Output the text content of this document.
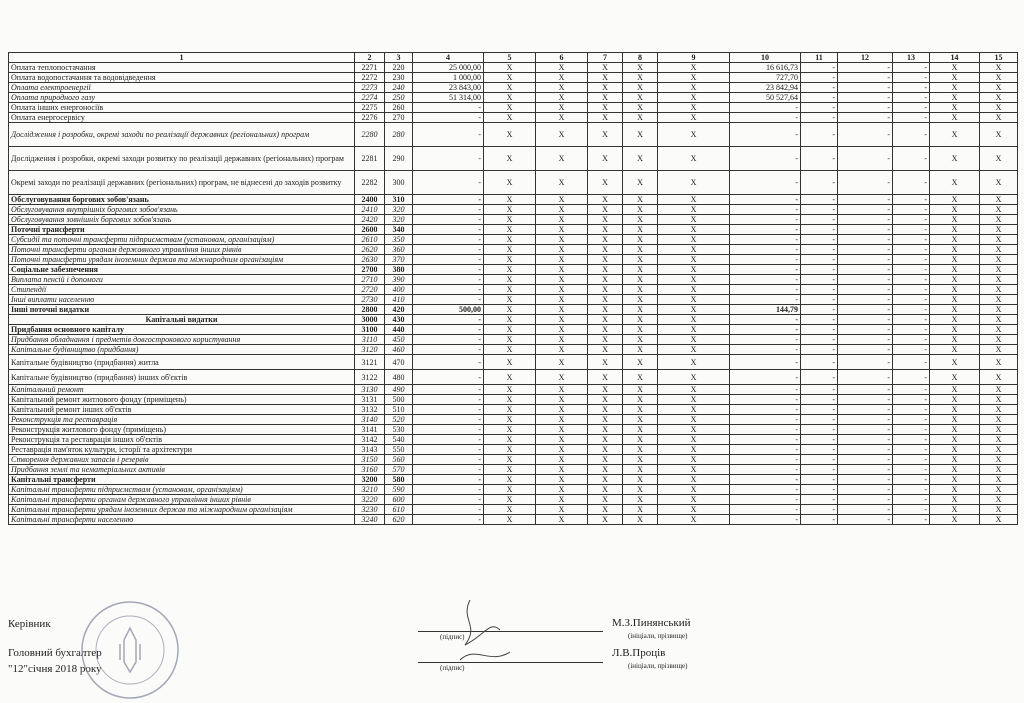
1	2	3	4	5	6	7	8	9	10	11	12	13	14	15
Оплата теплопостачання	2271	220	25 000,00	X	X	X	X	X	16 616,73	-	-	-	X	X
Оплата водопостачання та водовідведення	2272	230	1 000,00	X	X	X	X	X	727,70	-	-	-	X	X
Оплата електроенергії	2273	240	23 843,00	X	X	X	X	X	23 842,94	-	-	-	X	X
Оплата природного газу	2274	250	51 314,00	X	X	X	X	X	50 527,64	-	-	-	X	X
Оплата інших енергоносіїв	2275	260	-	X	X	X	X	X	-	-	-	-	X	X
Оплата енергосервісу	2276	270	-	X	X	X	X	X	-	-	-	-	X	X
Дослідження і розробки, окремі заходи по реалізації державних (регіональних) програм	2280	280	-	X	X	X	X	X	-	-	-	-	X	X
Дослідження і розробки, окремі заходи розвитку по реалізації державних (регіональних) програм	2281	290	-	X	X	X	X	X	-	-	-	-	X	X
Окремі заходи по реалізації державних (регіональних) програм, не віднесені до заходів розвитку	2282	300	-	X	X	X	X	X	-	-	-	-	X	X
Обслуговування боргових зобов'язань	2400	310	-	X	X	X	X	X	-	-	-	-	X	X
Обслуговування внутрішніх боргових зобов'язань	2410	320	-	X	X	X	X	X	-	-	-	-	X	X
Обслуговування зовнішніх боргових зобов'язань	2420	320	-	X	X	X	X	X	-	-	-	-	X	X
Поточні трансферти	2600	340	-	X	X	X	X	X	-	-	-	-	X	X
Субсидії та поточні трансферти підприємствам (установам, організаціям)	2610	350	-	X	X	X	X	X	-	-	-	-	X	X
Поточні трансферти органам державного управління інших рівнів	2620	360	-	X	X	X	X	X	-	-	-	-	X	X
Поточні трансферти урядам іноземних держав та міжнародним організаціям	2630	370	-	X	X	X	X	X	-	-	-	-	X	X
Соціальне забезпечення	2700	380	-	X	X	X	X	X	-	-	-	-	X	X
Виплата пенсій і допомоги	2710	390	-	X	X	X	X	X	-	-	-	-	X	X
Стипендії	2720	400	-	X	X	X	X	X	-	-	-	-	X	X
Інші виплати населенню	2730	410	-	X	X	X	X	X	-	-	-	-	X	X
Інші поточні видатки	2800	420	500,00	X	X	X	X	X	144,79	-	-	-	X	X
Капітальні видатки	3000	430	-	X	X	X	X	X	-	-	-	-	X	X
Придбання основного капіталу	3100	440	-	X	X	X	X	X	-	-	-	-	X	X
Придбання обладнання і предметів довгострокового користування	3110	450	-	X	X	X	X	X	-	-	-	-	X	X
Капітальне будівництво (придбання)	3120	460	-	X	X	X	X	X	-	-	-	-	X	X
Капітальне будівництво (придбання) житла	3121	470	-	X	X	X	X	X	-	-	-	-	X	X
Капітальне будівництво (придбання) інших об'єктів	3122	480	-	X	X	X	X	X	-	-	-	-	X	X
Капітальний ремонт	3130	490	-	X	X	X	X	X	-	-	-	-	X	X
Капітальний ремонт житлового фонду (приміщень)	3131	500	-	X	X	X	X	X	-	-	-	-	X	X
Капітальний ремонт інших об'єктів	3132	510	-	X	X	X	X	X	-	-	-	-	X	X
Реконструкція та реставрація	3140	520	-	X	X	X	X	X	-	-	-	-	X	X
Реконструкція житлового фонду (приміщень)	3141	530	-	X	X	X	X	X	-	-	-	-	X	X
Реконструкція та реставрація інших об'єктів	3142	540	-	X	X	X	X	X	-	-	-	-	X	X
Реставрація пам'яток культури, історії та архітектури	3143	550	-	X	X	X	X	X	-	-	-	-	X	X
Створення державних запасів і резервів	3150	560	-	X	X	X	X	X	-	-	-	-	X	X
Придбання землі та нематеріальних активів	3160	570	-	X	X	X	X	X	-	-	-	-	X	X
Капітальні трансферти	3200	580	-	X	X	X	X	X	-	-	-	-	X	X
Капітальні трансферти підприємствам (установам, організаціям)	3210	590	-	X	X	X	X	X	-	-	-	-	X	X
Капітальні трансферти органам державного управління інших рівнів	3220	600	-	X	X	X	X	X	-	-	-	-	X	X
Капітальні трансферти урядам іноземних держав та міжнародним організаціям	3230	610	-	X	X	X	X	X	-	-	-	-	X	X
Капітальні трансферти населенню	3240	620	-	X	X	X	X	X	-	-	-	-	X	X
Керівник
Головний бухгалтер
"12"січня 2018 року
(підпис)
М.З.Пинянський
(ініціали, прізвище)
(підпис)
Л.В.Проців
(ініціали, прізвище)
